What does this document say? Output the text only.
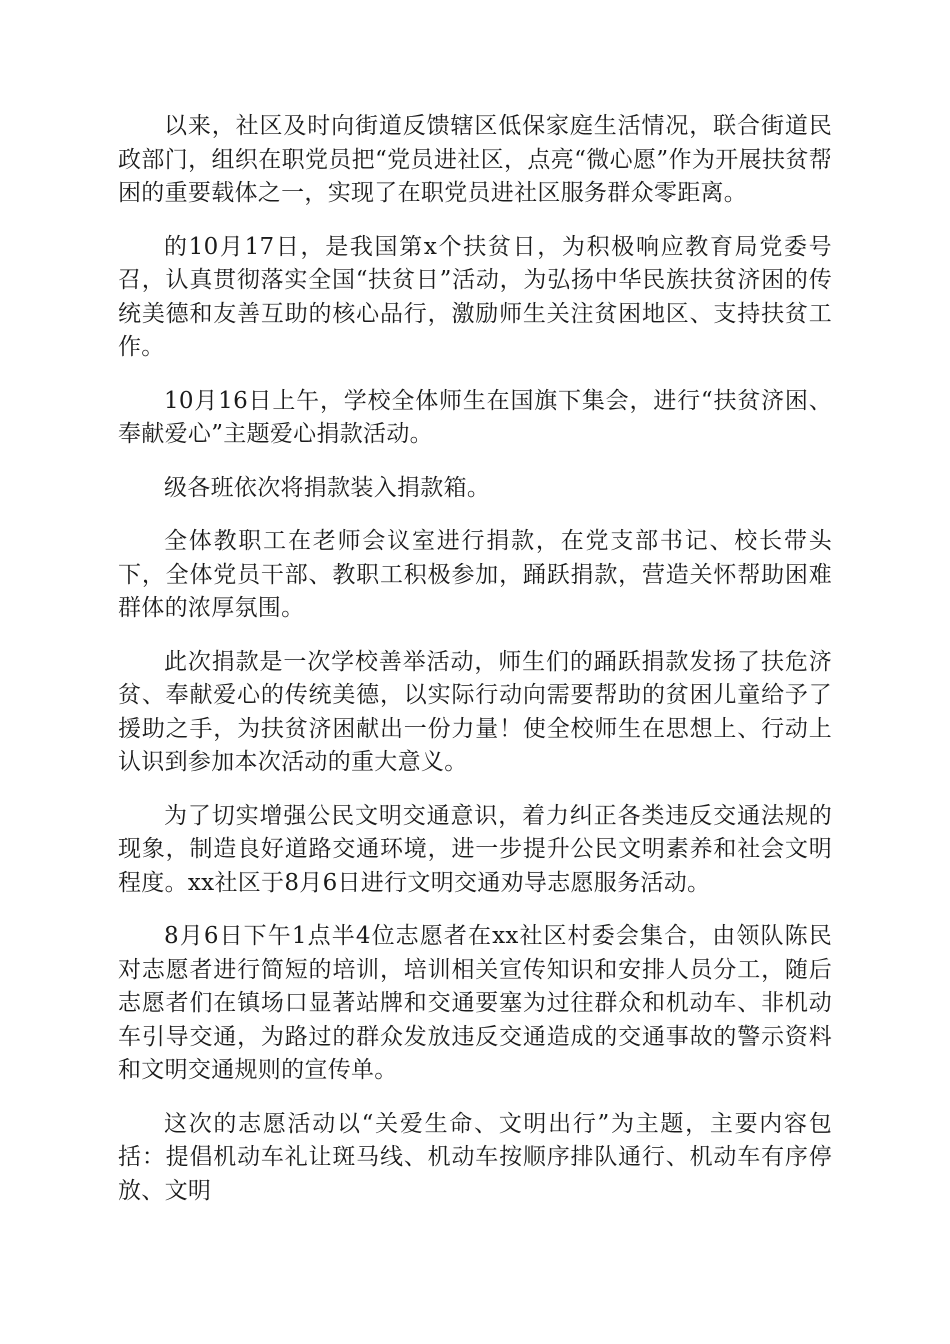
以来，社区及时向街道反馈辖区低保家庭生活情况，联合街道民政部门，组织在职党员把“党员进社区，点亮“微心愿”作为开展扶贫帮困的重要载体之一，实现了在职党员进社区服务群众零距离。

的10月17日，是我国第x个扶贫日，为积极响应教育局党委号召，认真贯彻落实全国“扶贫日”活动，为弘扬中华民族扶贫济困的传统美德和友善互助的核心品行，激励师生关注贫困地区、支持扶贫工作。

10月16日上午，学校全体师生在国旗下集会，进行“扶贫济困、奉献爱心”主题爱心捐款活动。

级各班依次将捐款装入捐款箱。

全体教职工在老师会议室进行捐款，在党支部书记、校长带头下，全体党员干部、教职工积极参加，踊跃捐款，营造关怀帮助困难群体的浓厚氛围。

此次捐款是一次学校善举活动，师生们的踊跃捐款发扬了扶危济贫、奉献爱心的传统美德，以实际行动向需要帮助的贫困儿童给予了援助之手，为扶贫济困献出一份力量！使全校师生在思想上、行动上认识到参加本次活动的重大意义。

为了切实增强公民文明交通意识，着力纠正各类违反交通法规的现象，制造良好道路交通环境，进一步提升公民文明素养和社会文明程度。xx社区于8月6日进行文明交通劝导志愿服务活动。

8月6日下午1点半4位志愿者在xx社区村委会集合，由领队陈民对志愿者进行简短的培训，培训相关宣传知识和安排人员分工，随后志愿者们在镇场口显著站牌和交通要塞为过往群众和机动车、非机动车引导交通，为路过的群众发放违反交通造成的交通事故的警示资料和文明交通规则的宣传单。

这次的志愿活动以“关爱生命、文明出行”为主题，主要内容包括：提倡机动车礼让斑马线、机动车按顺序排队通行、机动车有序停放、文明
